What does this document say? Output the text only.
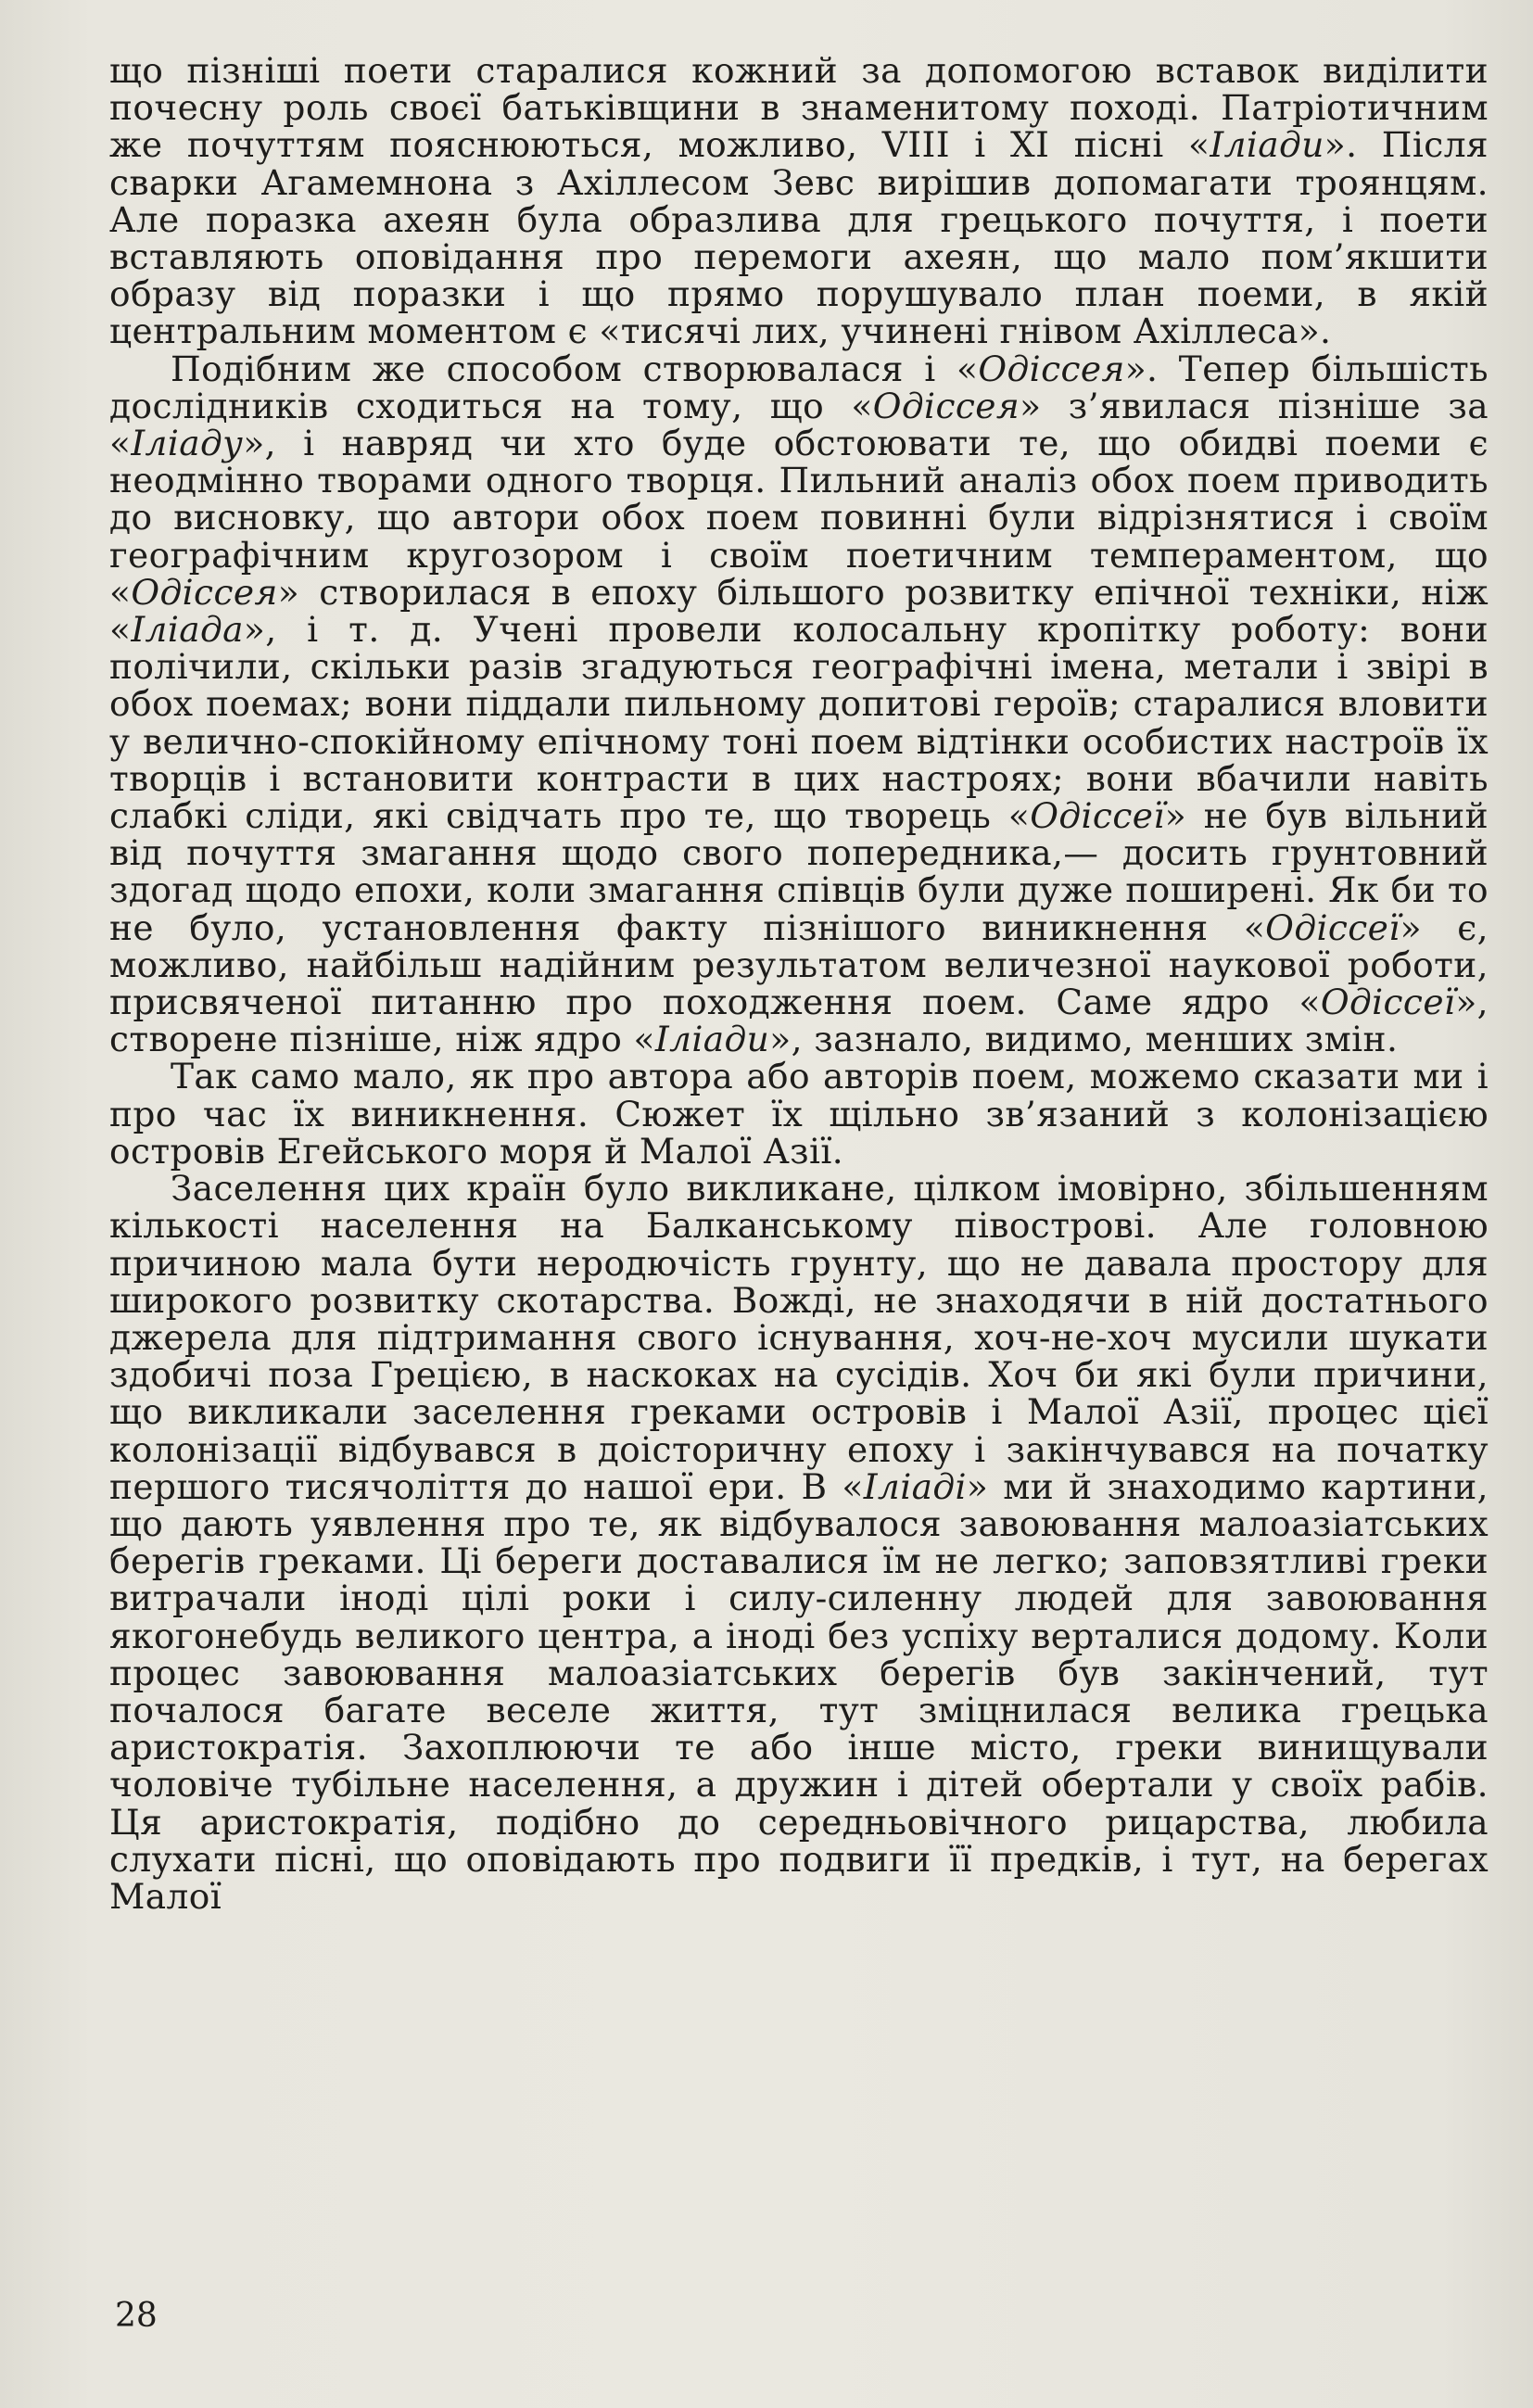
що пізніші поети старалися кожний за допомогою вставок виділити почесну роль своєї батьківщини в знаменитому поході. Патріотичним же почуттям пояснюються, можливо, VIII і XI пісні «Іліади». Після сварки Агамемнона з Ахіллесом Зевс вирішив допомагати троянцям. Але поразка ахеян була образлива для грецького почуття, і поети вставляють оповідання про перемоги ахеян, що мало пом’якшити образу від поразки і що прямо порушувало план поеми, в якій центральним моментом є «тисячі лих, учинені гнівом Ахіллеса».

Подібним же способом створювалася і «Одіссея». Тепер більшість дослідників сходиться на тому, що «Одіссея» з’явилася пізніше за «Іліаду», і навряд чи хто буде обстоювати те, що обидві поеми є неодмінно творами одного творця. Пильний аналіз обох поем приводить до висновку, що автори обох поем повинні були відрізнятися і своїм географічним кругозором і своїм поетичним темпераментом, що «Одіссея» створилася в епоху більшого розвитку епічної техніки, ніж «Іліада», і т. д. Учені провели колосальну кропітку роботу: вони полічили, скільки разів згадуються географічні імена, метали і звірі в обох поемах; вони піддали пильному допитові героїв; старалися вловити у велично-спокійному епічному тоні поем відтінки особистих настроїв їх творців і встановити контрасти в цих настроях; вони вбачили навіть слабкі сліди, які свідчать про те, що творець «Одіссеї» не був вільний від почуття змагання щодо свого попередника,— досить грунтовний здогад щодо епохи, коли змагання співців були дуже поширені. Як би то не було, установлення факту пізнішого виникнення «Одіссеї» є, можливо, найбільш надійним результатом величезної наукової роботи, присвяченої питанню про походження поем. Саме ядро «Одіссеї», створене пізніше, ніж ядро «Іліади», зазнало, видимо, менших змін.

Так само мало, як про автора або авторів поем, можемо сказати ми і про час їх виникнення. Сюжет їх щільно зв’язаний з колонізацією островів Егейського моря й Малої Азії.

Заселення цих країн було викликане, цілком імовірно, збільшенням кількості населення на Балканському півострові. Але головною причиною мала бути неродючість грунту, що не давала простору для широкого розвитку скотарства. Вожді, не знаходячи в ній достатнього джерела для підтримання свого існування, хоч-не-хоч мусили шукати здобичі поза Грецією, в наскоках на сусідів. Хоч би які були причини, що викликали заселення греками островів і Малої Азії, процес цієї колонізації відбувався в доісторичну епоху і закінчувався на початку першого тисячоліття до нашої ери. В «Іліаді» ми й знаходимо картини, що дають уявлення про те, як відбувалося завоювання малоазіатських берегів греками. Ці береги доставалися їм не легко; заповзятливі греки витрачали іноді цілі роки і силу-силенну людей для завоювання якогонебудь великого центра, а іноді без успіху верталися додому. Коли процес завоювання малоазіатських берегів був закінчений, тут почалося багате веселе життя, тут зміцнилася велика грецька аристократія. Захоплюючи те або інше місто, греки винищували чоловіче тубільне населення, а дружин і дітей обертали у своїх рабів. Ця аристократія, подібно до середньовічного рицарства, любила слухати пісні, що оповідають про подвиги її предків, і тут, на берегах Малої

28
